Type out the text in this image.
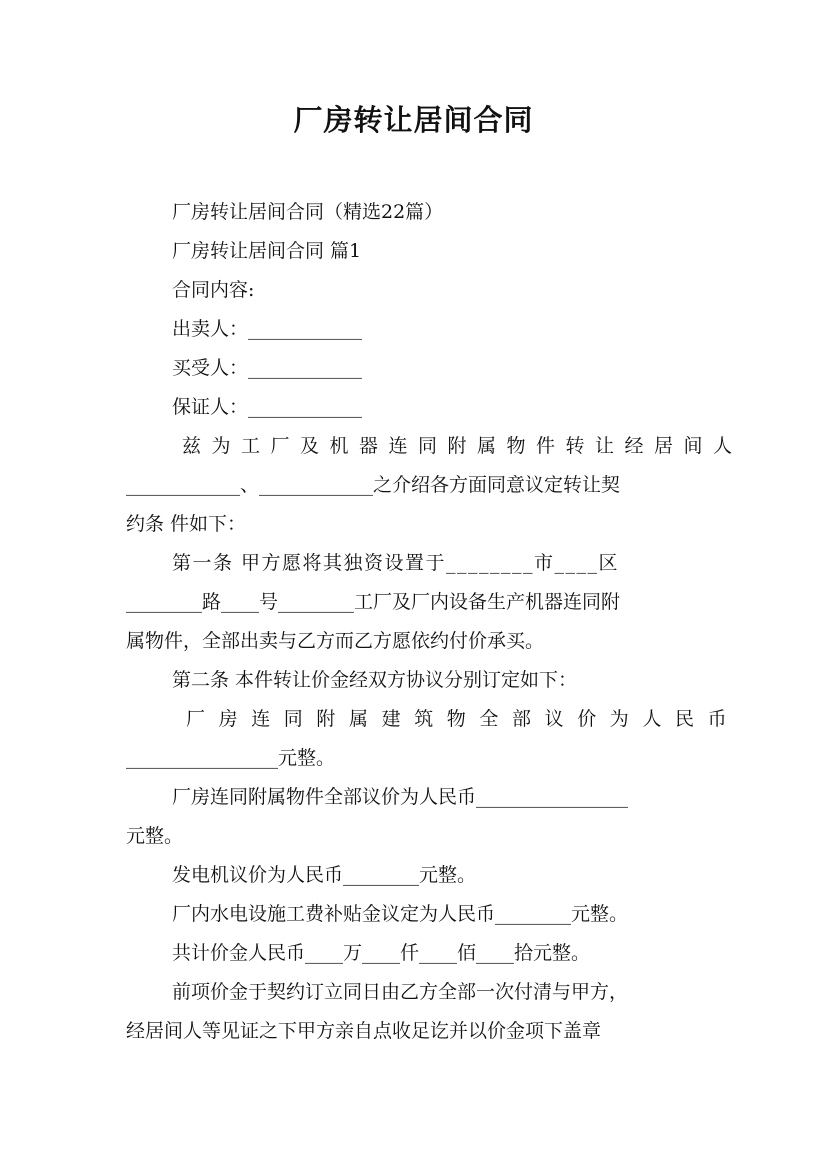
厂房转让居间合同
厂房转让居间合同（精选22篇）
厂房转让居间合同 篇1
合同内容:
出卖人：____________
买受人：____________
保证人：____________
兹为工厂及机器连同附属物件转让经居间人
____________、____________之介绍各方面同意议定转让契
约条 件如下：
第一条 甲方愿将其独资设置于________市____区
________路____号________工厂及厂内设备生产机器连同附
属物件，全部出卖与乙方而乙方愿依约付价承买。
第二条 本件转让价金经双方协议分别订定如下：
厂房连同附属建筑物全部议价为人民币
________________元整。
厂房连同附属物件全部议价为人民币________________
元整。
发电机议价为人民币________元整。
厂内水电设施工费补贴金议定为人民币________元整。
共计价金人民币____万____仟____佰____拾元整。
前项价金于契约订立同日由乙方全部一次付清与甲方，
经居间人等见证之下甲方亲自点收足讫并以价金项下盖章
